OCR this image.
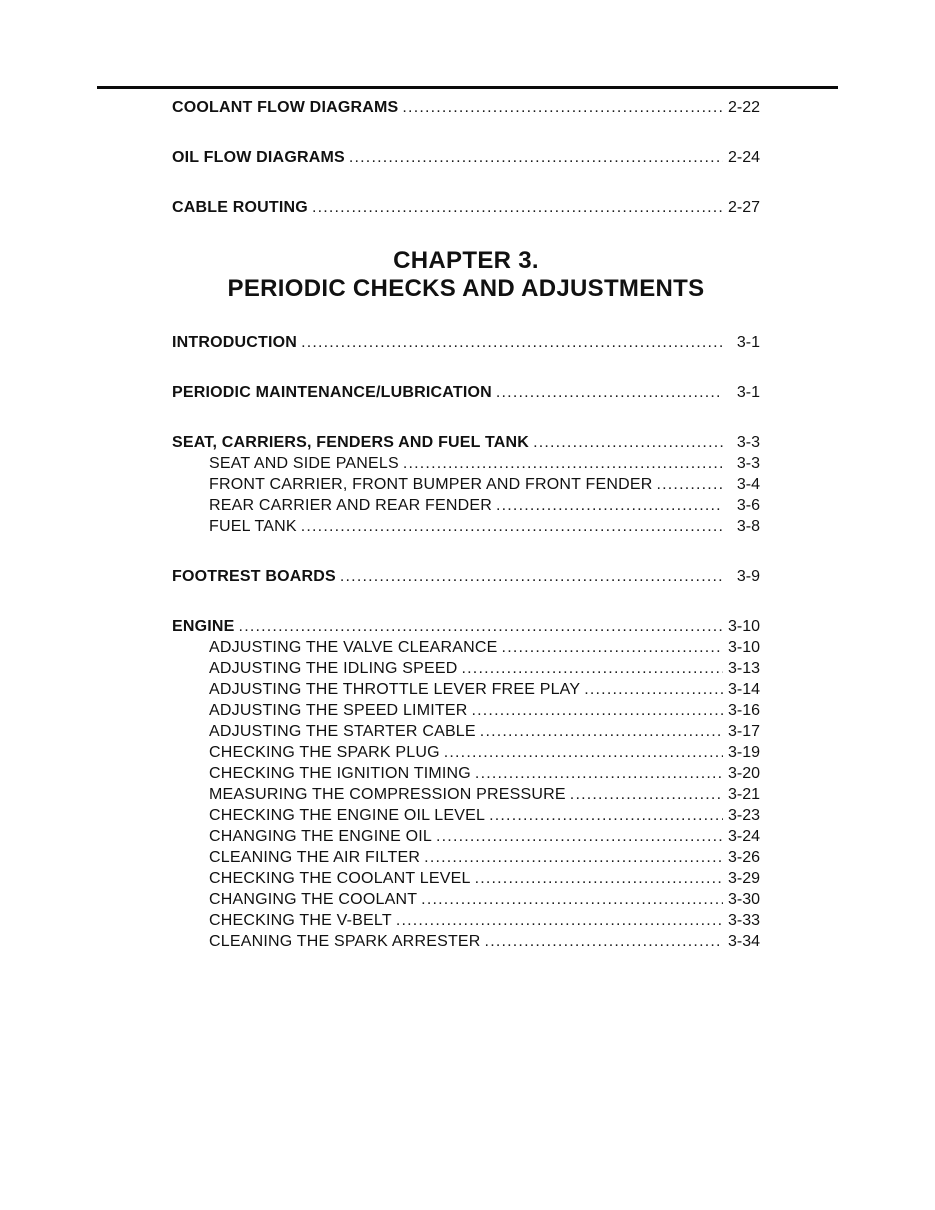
COOLANT FLOW DIAGRAMS .....	2-22
OIL FLOW DIAGRAMS .....	2-24
CABLE ROUTING .....	2-27
CHAPTER 3.
PERIODIC CHECKS AND ADJUSTMENTS
INTRODUCTION .....	3-1
PERIODIC MAINTENANCE/LUBRICATION .....	3-1
SEAT, CARRIERS, FENDERS AND FUEL TANK .....	3-3
SEAT AND SIDE PANELS .....	3-3
FRONT CARRIER, FRONT BUMPER AND FRONT FENDER .....	3-4
REAR CARRIER AND REAR FENDER .....	3-6
FUEL TANK .....	3-8
FOOTREST BOARDS .....	3-9
ENGINE .....	3-10
ADJUSTING THE VALVE CLEARANCE .....	3-10
ADJUSTING THE IDLING SPEED .....	3-13
ADJUSTING THE THROTTLE LEVER FREE PLAY .....	3-14
ADJUSTING THE SPEED LIMITER .....	3-16
ADJUSTING THE STARTER CABLE .....	3-17
CHECKING THE SPARK PLUG .....	3-19
CHECKING THE IGNITION TIMING .....	3-20
MEASURING THE COMPRESSION PRESSURE .....	3-21
CHECKING THE ENGINE OIL LEVEL .....	3-23
CHANGING THE ENGINE OIL .....	3-24
CLEANING THE AIR FILTER .....	3-26
CHECKING THE COOLANT LEVEL .....	3-29
CHANGING THE COOLANT .....	3-30
CHECKING THE V-BELT .....	3-33
CLEANING THE SPARK ARRESTER .....	3-34
